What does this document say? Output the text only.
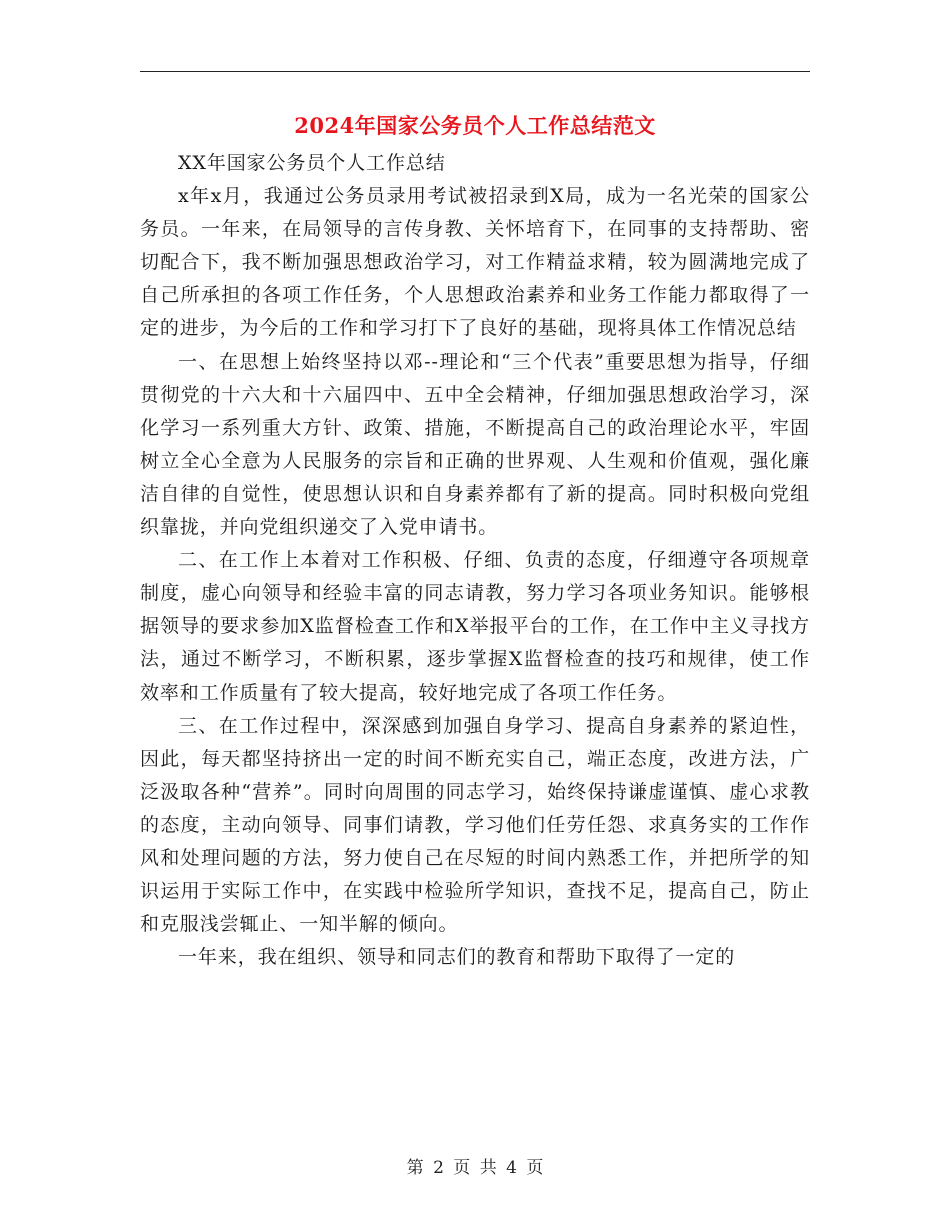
2024年国家公务员个人工作总结范文

XX年国家公务员个人工作总结

x年x月，我通过公务员录用考试被招录到X局，成为一名光荣的国家公务员。一年来，在局领导的言传身教、关怀培育下，在同事的支持帮助、密切配合下，我不断加强思想政治学习，对工作精益求精，较为圆满地完成了自己所承担的各项工作任务，个人思想政治素养和业务工作能力都取得了一定的进步，为今后的工作和学习打下了良好的基础，现将具体工作情况总结

一、在思想上始终坚持以邓--理论和“三个代表”重要思想为指导，仔细贯彻党的十六大和十六届四中、五中全会精神，仔细加强思想政治学习，深化学习一系列重大方针、政策、措施，不断提高自己的政治理论水平，牢固树立全心全意为人民服务的宗旨和正确的世界观、人生观和价值观，强化廉洁自律的自觉性，使思想认识和自身素养都有了新的提高。同时积极向党组织靠拢，并向党组织递交了入党申请书。

二、在工作上本着对工作积极、仔细、负责的态度，仔细遵守各项规章制度，虚心向领导和经验丰富的同志请教，努力学习各项业务知识。能够根据领导的要求参加X监督检查工作和X举报平台的工作，在工作中主义寻找方法，通过不断学习，不断积累，逐步掌握X监督检查的技巧和规律，使工作效率和工作质量有了较大提高，较好地完成了各项工作任务。

三、在工作过程中，深深感到加强自身学习、提高自身素养的紧迫性，因此，每天都坚持挤出一定的时间不断充实自己，端正态度，改进方法，广泛汲取各种“营养”。同时向周围的同志学习，始终保持谦虚谨慎、虚心求教的态度，主动向领导、同事们请教，学习他们任劳任怨、求真务实的工作作风和处理问题的方法，努力使自己在尽短的时间内熟悉工作，并把所学的知识运用于实际工作中，在实践中检验所学知识，查找不足，提高自己，防止和克服浅尝辄止、一知半解的倾向。

一年来，我在组织、领导和同志们的教育和帮助下取得了一定的

第 2 页 共 4 页
